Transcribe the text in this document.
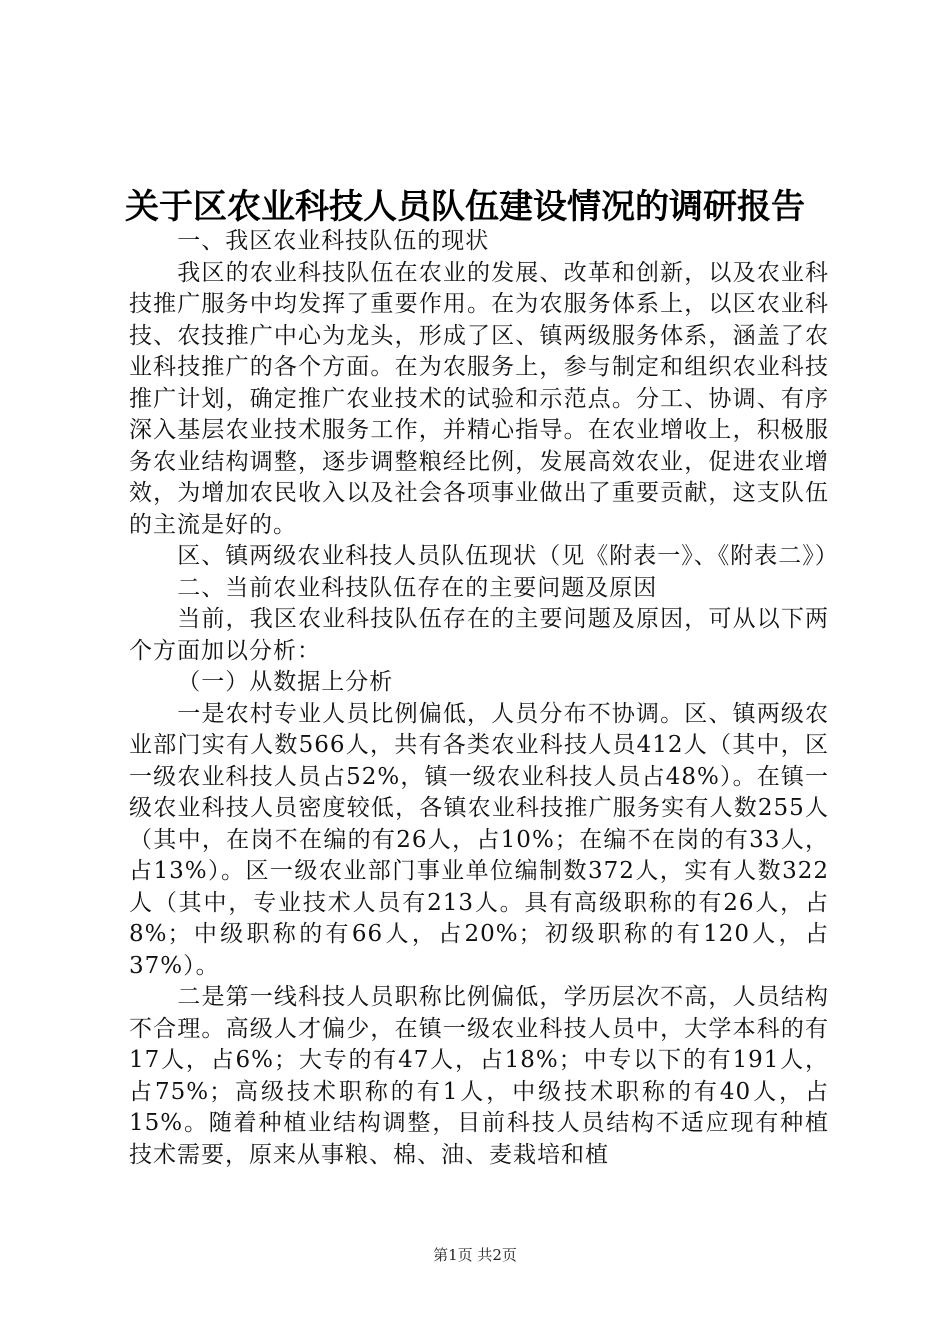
关于区农业科技人员队伍建设情况的调研报告

一、我区农业科技队伍的现状

我区的农业科技队伍在农业的发展、改革和创新，以及农业科技推广服务中均发挥了重要作用。在为农服务体系上，以区农业科技、农技推广中心为龙头，形成了区、镇两级服务体系，涵盖了农业科技推广的各个方面。在为农服务上，参与制定和组织农业科技推广计划，确定推广农业技术的试验和示范点。分工、协调、有序深入基层农业技术服务工作，并精心指导。在农业增收上，积极服务农业结构调整，逐步调整粮经比例，发展高效农业，促进农业增效，为增加农民收入以及社会各项事业做出了重要贡献，这支队伍的主流是好的。

区、镇两级农业科技人员队伍现状（见《附表一》、《附表二》）

二、当前农业科技队伍存在的主要问题及原因

当前，我区农业科技队伍存在的主要问题及原因，可从以下两个方面加以分析：

（一）从数据上分析

一是农村专业人员比例偏低，人员分布不协调。区、镇两级农业部门实有人数566人，共有各类农业科技人员412人（其中，区一级农业科技人员占52%，镇一级农业科技人员占48%）。在镇一级农业科技人员密度较低，各镇农业科技推广服务实有人数255人（其中，在岗不在编的有26人，占10%；在编不在岗的有33人，占13%）。区一级农业部门事业单位编制数372人，实有人数322人（其中，专业技术人员有213人。具有高级职称的有26人，占8%；中级职称的有66人，占20%；初级职称的有120人，占37%）。

二是第一线科技人员职称比例偏低，学历层次不高，人员结构不合理。高级人才偏少，在镇一级农业科技人员中，大学本科的有17人，占6%；大专的有47人，占18%；中专以下的有191人，占75%；高级技术职称的有1人，中级技术职称的有40人，占15%。随着种植业结构调整，目前科技人员结构不适应现有种植技术需要，原来从事粮、棉、油、麦栽培和植

第1页 共2页
